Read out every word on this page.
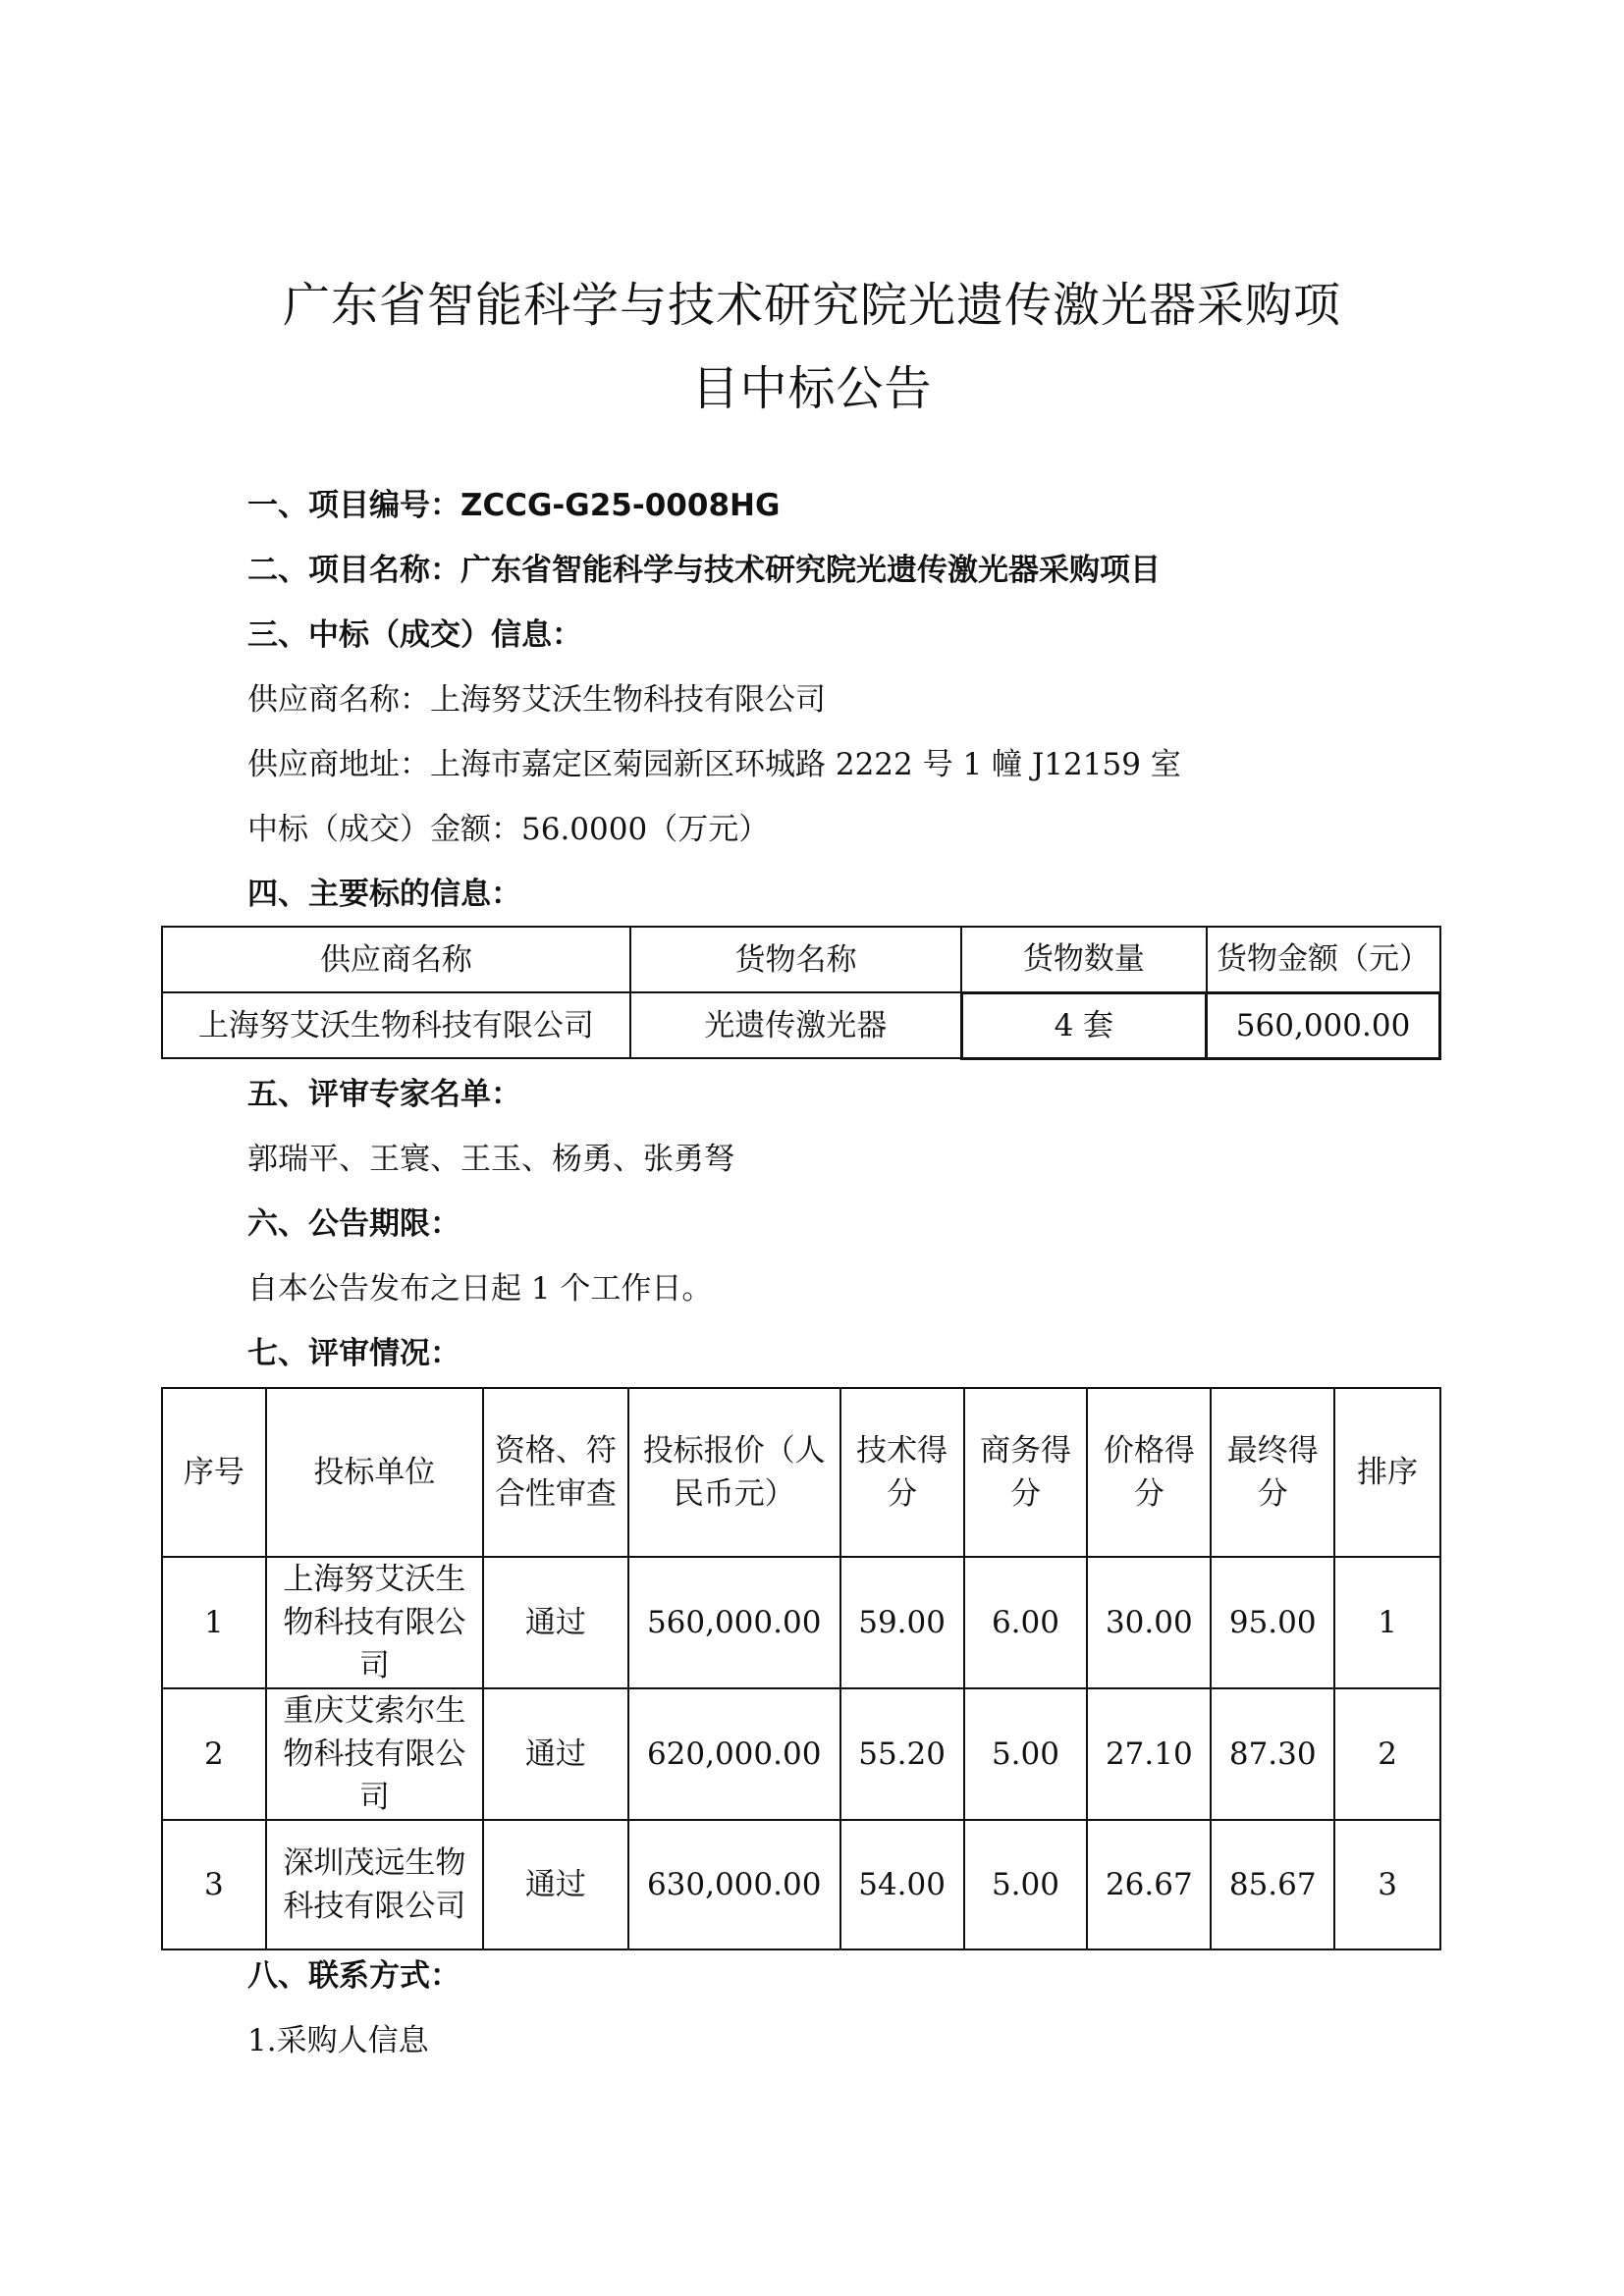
广东省智能科学与技术研究院光遗传激光器采购项
目中标公告
一、项目编号：ZCCG-G25-0008HG
二、项目名称：广东省智能科学与技术研究院光遗传激光器采购项目
三、中标（成交）信息：
供应商名称：上海努艾沃生物科技有限公司
供应商地址：上海市嘉定区菊园新区环城路 2222 号 1 幢 J12159 室
中标（成交）金额：56.0000（万元）
四、主要标的信息：
供应商名称	货物名称	货物数量	货物金额（元）
上海努艾沃生物科技有限公司	光遗传激光器	4 套	560,000.00
五、评审专家名单：
郭瑞平、王寰、王玉、杨勇、张勇弩
六、公告期限：
自本公告发布之日起 1 个工作日。
七、评审情况：
序号	投标单位	资格、符合性审查	投标报价（人民币元）	技术得分	商务得分	价格得分	最终得分	排序
1	上海努艾沃生物科技有限公司	通过	560,000.00	59.00	6.00	30.00	95.00	1
2	重庆艾索尔生物科技有限公司	通过	620,000.00	55.20	5.00	27.10	87.30	2
3	深圳茂远生物科技有限公司	通过	630,000.00	54.00	5.00	26.67	85.67	3
八、联系方式：
1.采购人信息
